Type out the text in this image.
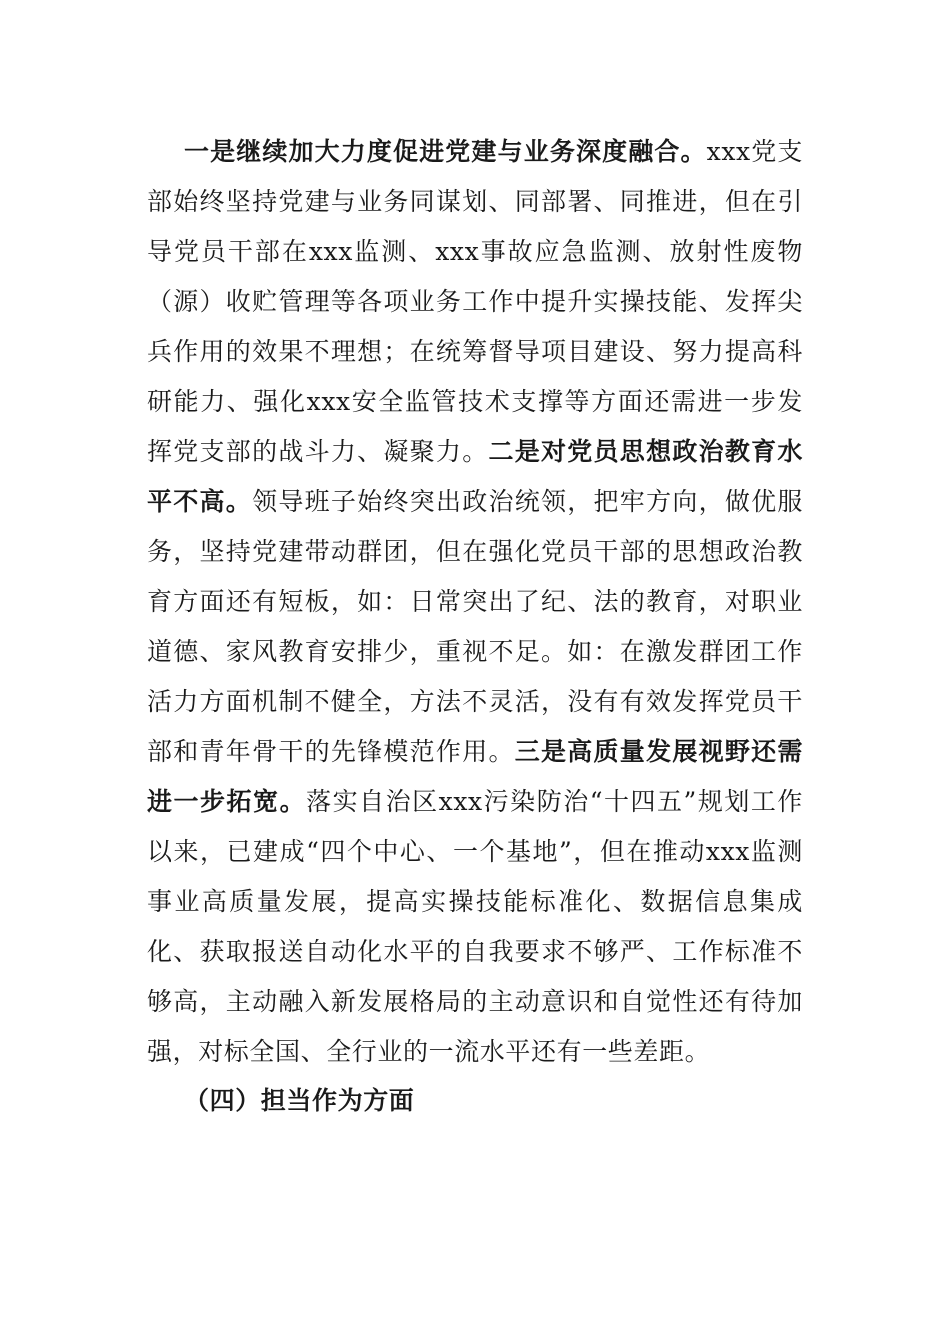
一是继续加大力度促进党建与业务深度融合。xxx党支部始终坚持党建与业务同谋划、同部署、同推进，但在引导党员干部在xxx监测、xxx事故应急监测、放射性废物（源）收贮管理等各项业务工作中提升实操技能、发挥尖兵作用的效果不理想；在统筹督导项目建设、努力提高科研能力、强化xxx安全监管技术支撑等方面还需进一步发挥党支部的战斗力、凝聚力。二是对党员思想政治教育水平不高。领导班子始终突出政治统领，把牢方向，做优服务，坚持党建带动群团，但在强化党员干部的思想政治教育方面还有短板，如：日常突出了纪、法的教育，对职业道德、家风教育安排少，重视不足。如：在激发群团工作活力方面机制不健全，方法不灵活，没有有效发挥党员干部和青年骨干的先锋模范作用。三是高质量发展视野还需进一步拓宽。落实自治区xxx污染防治“十四五”规划工作以来，已建成“四个中心、一个基地”，但在推动xxx监测事业高质量发展，提高实操技能标准化、数据信息集成化、获取报送自动化水平的自我要求不够严、工作标准不够高，主动融入新发展格局的主动意识和自觉性还有待加强，对标全国、全行业的一流水平还有一些差距。

（四）担当作为方面
